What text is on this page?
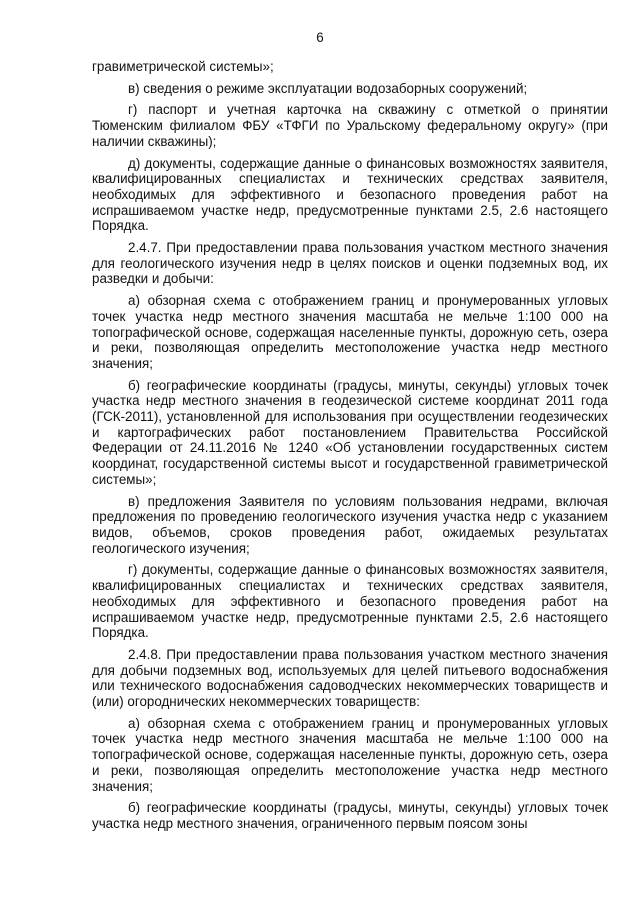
6

гравиметрической системы»;

в) сведения о режиме эксплуатации водозаборных сооружений;

г) паспорт и учетная карточка на скважину с отметкой о принятии Тюменским филиалом ФБУ «ТФГИ по Уральскому федеральному округу» (при наличии скважины);

д) документы, содержащие данные о финансовых возможностях заявителя, квалифицированных специалистах и технических средствах заявителя, необходимых для эффективного и безопасного проведения работ на испрашиваемом участке недр, предусмотренные пунктами 2.5, 2.6 настоящего Порядка.

2.4.7. При предоставлении права пользования участком местного значения для геологического изучения недр в целях поисков и оценки подземных вод, их разведки и добычи:

а) обзорная схема с отображением границ и пронумерованных угловых точек участка недр местного значения масштаба не мельче 1:100 000 на топографической основе, содержащая населенные пункты, дорожную сеть, озера и реки, позволяющая определить местоположение участка недр местного значения;

б) географические координаты (градусы, минуты, секунды) угловых точек участка недр местного значения в геодезической системе координат 2011 года (ГСК-2011), установленной для использования при осуществлении геодезических и картографических работ постановлением Правительства Российской Федерации от 24.11.2016 № 1240 «Об установлении государственных систем координат, государственной системы высот и государственной гравиметрической системы»;

в) предложения Заявителя по условиям пользования недрами, включая предложения по проведению геологического изучения участка недр с указанием видов, объемов, сроков проведения работ, ожидаемых результатах геологического изучения;

г) документы, содержащие данные о финансовых возможностях заявителя, квалифицированных специалистах и технических средствах заявителя, необходимых для эффективного и безопасного проведения работ на испрашиваемом участке недр, предусмотренные пунктами 2.5, 2.6 настоящего Порядка.

2.4.8. При предоставлении права пользования участком местного значения для добычи подземных вод, используемых для целей питьевого водоснабжения или технического водоснабжения садоводческих некоммерческих товариществ и (или) огороднических некоммерческих товариществ:

а) обзорная схема с отображением границ и пронумерованных угловых точек участка недр местного значения масштаба не мельче 1:100 000 на топографической основе, содержащая населенные пункты, дорожную сеть, озера и реки, позволяющая определить местоположение участка недр местного значения;

б) географические координаты (градусы, минуты, секунды) угловых точек участка недр местного значения, ограниченного первым поясом зоны
